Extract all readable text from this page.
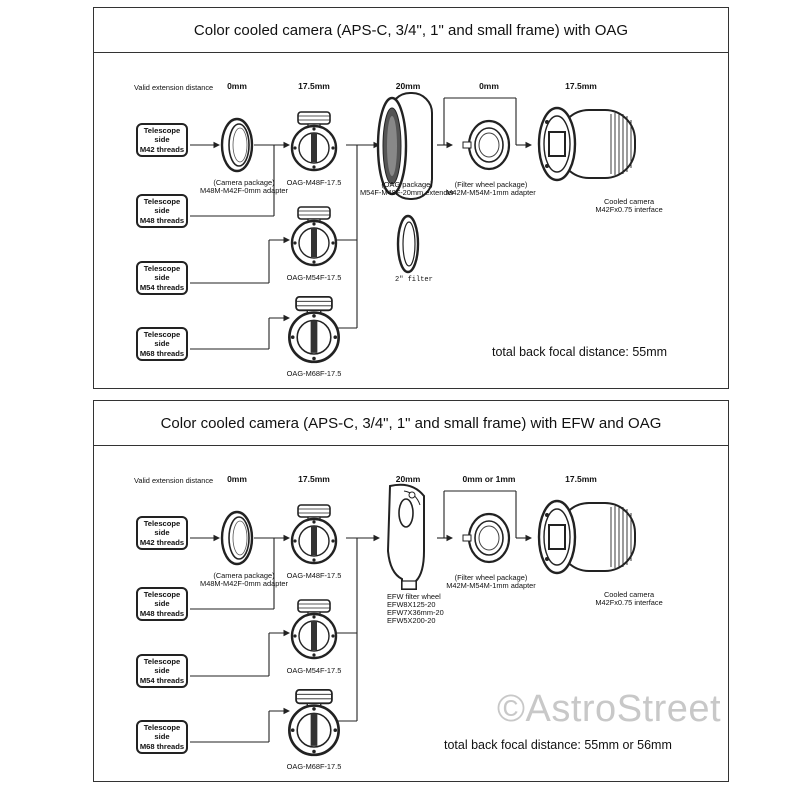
Color cooled camera (APS-C, 3/4", 1" and small frame) with OAG
Valid extension distance 0mm	17.5mm	20mm	0mm	17.5mm
Telescope side
M42 threads
Telescope side
M48 threads
Telescope side
M54 threads
Telescope side
M68 threads
(Camera package)
M48M-M42F-0mm adapter
OAG-M48F-17.5
OAG-M54F-17.5
OAG-M68F-17.5
(OAG package)
M54F-M48F-20mm extender
2" filter
(Filter wheel package)
M42M-M54M-1mm adapter
Cooled camera
M42Fx0.75 interface
total back focal distance: 55mm
Color cooled camera (APS-C, 3/4", 1" and small frame) with EFW and OAG
Valid extension distance 0mm	17.5mm	20mm	0mm or 1mm	17.5mm
Telescope side
M42 threads
Telescope side
M48 threads
Telescope side
M54 threads
Telescope side
M68 threads
(Camera package)
M48M-M42F-0mm adapter
OAG-M48F-17.5
OAG-M54F-17.5
OAG-M68F-17.5
EFW filter wheel
EFW8X125-20
EFW7X36mm-20
EFW5X200-20
(Filter wheel package)
M42M-M54M-1mm adapter
Cooled camera
M42Fx0.75 interface
total back focal distance: 55mm or 56mm
©AstroStreet
